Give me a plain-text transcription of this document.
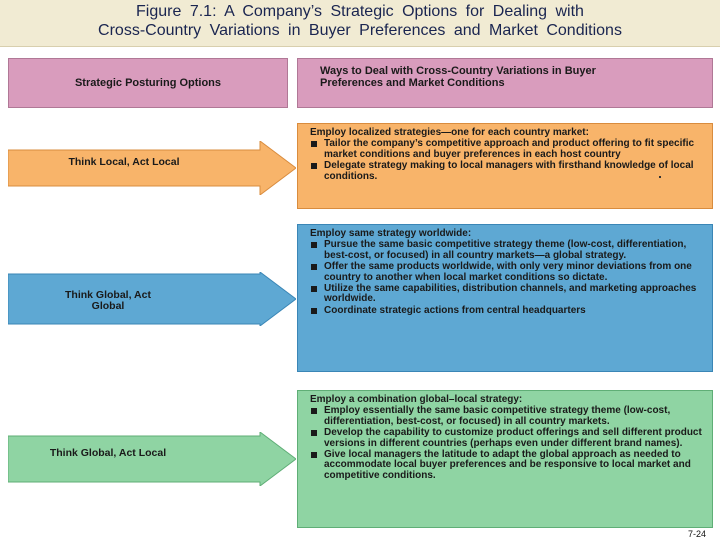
Figure 7.1: A Company’s Strategic Options for Dealing with
Cross-Country Variations in Buyer Preferences and Market Conditions
Strategic Posturing Options
Ways to Deal with Cross-Country Variations in Buyer Preferences and Market Conditions
Think Local, Act Local
Think Global, Act Global
Think Global, Act Local
Employ localized strategies—one for each country market:
Tailor the company’s competitive approach and product offering to fit specific market conditions and buyer preferences in each host country
Delegate strategy making to local managers with firsthand knowledge of local conditions.
Employ same strategy worldwide:
Pursue the same basic competitive strategy theme (low-cost, differentiation, best-cost, or focused) in all country markets—a global strategy.
Offer the same products worldwide, with only very minor deviations from one country to another when local market conditions so dictate.
Utilize the same capabilities, distribution channels, and marketing approaches worldwide.
Coordinate strategic actions from central headquarters
Employ a combination global–local strategy:
Employ essentially the same basic competitive strategy theme (low-cost, differentiation, best-cost, or focused) in all country markets.
Develop the capability to customize product offerings and sell different product versions in different countries (perhaps even under different brand names).
Give local managers the latitude to adapt the global approach as needed to accommodate local buyer preferences and be responsive to local market and competitive conditions.
7-24
